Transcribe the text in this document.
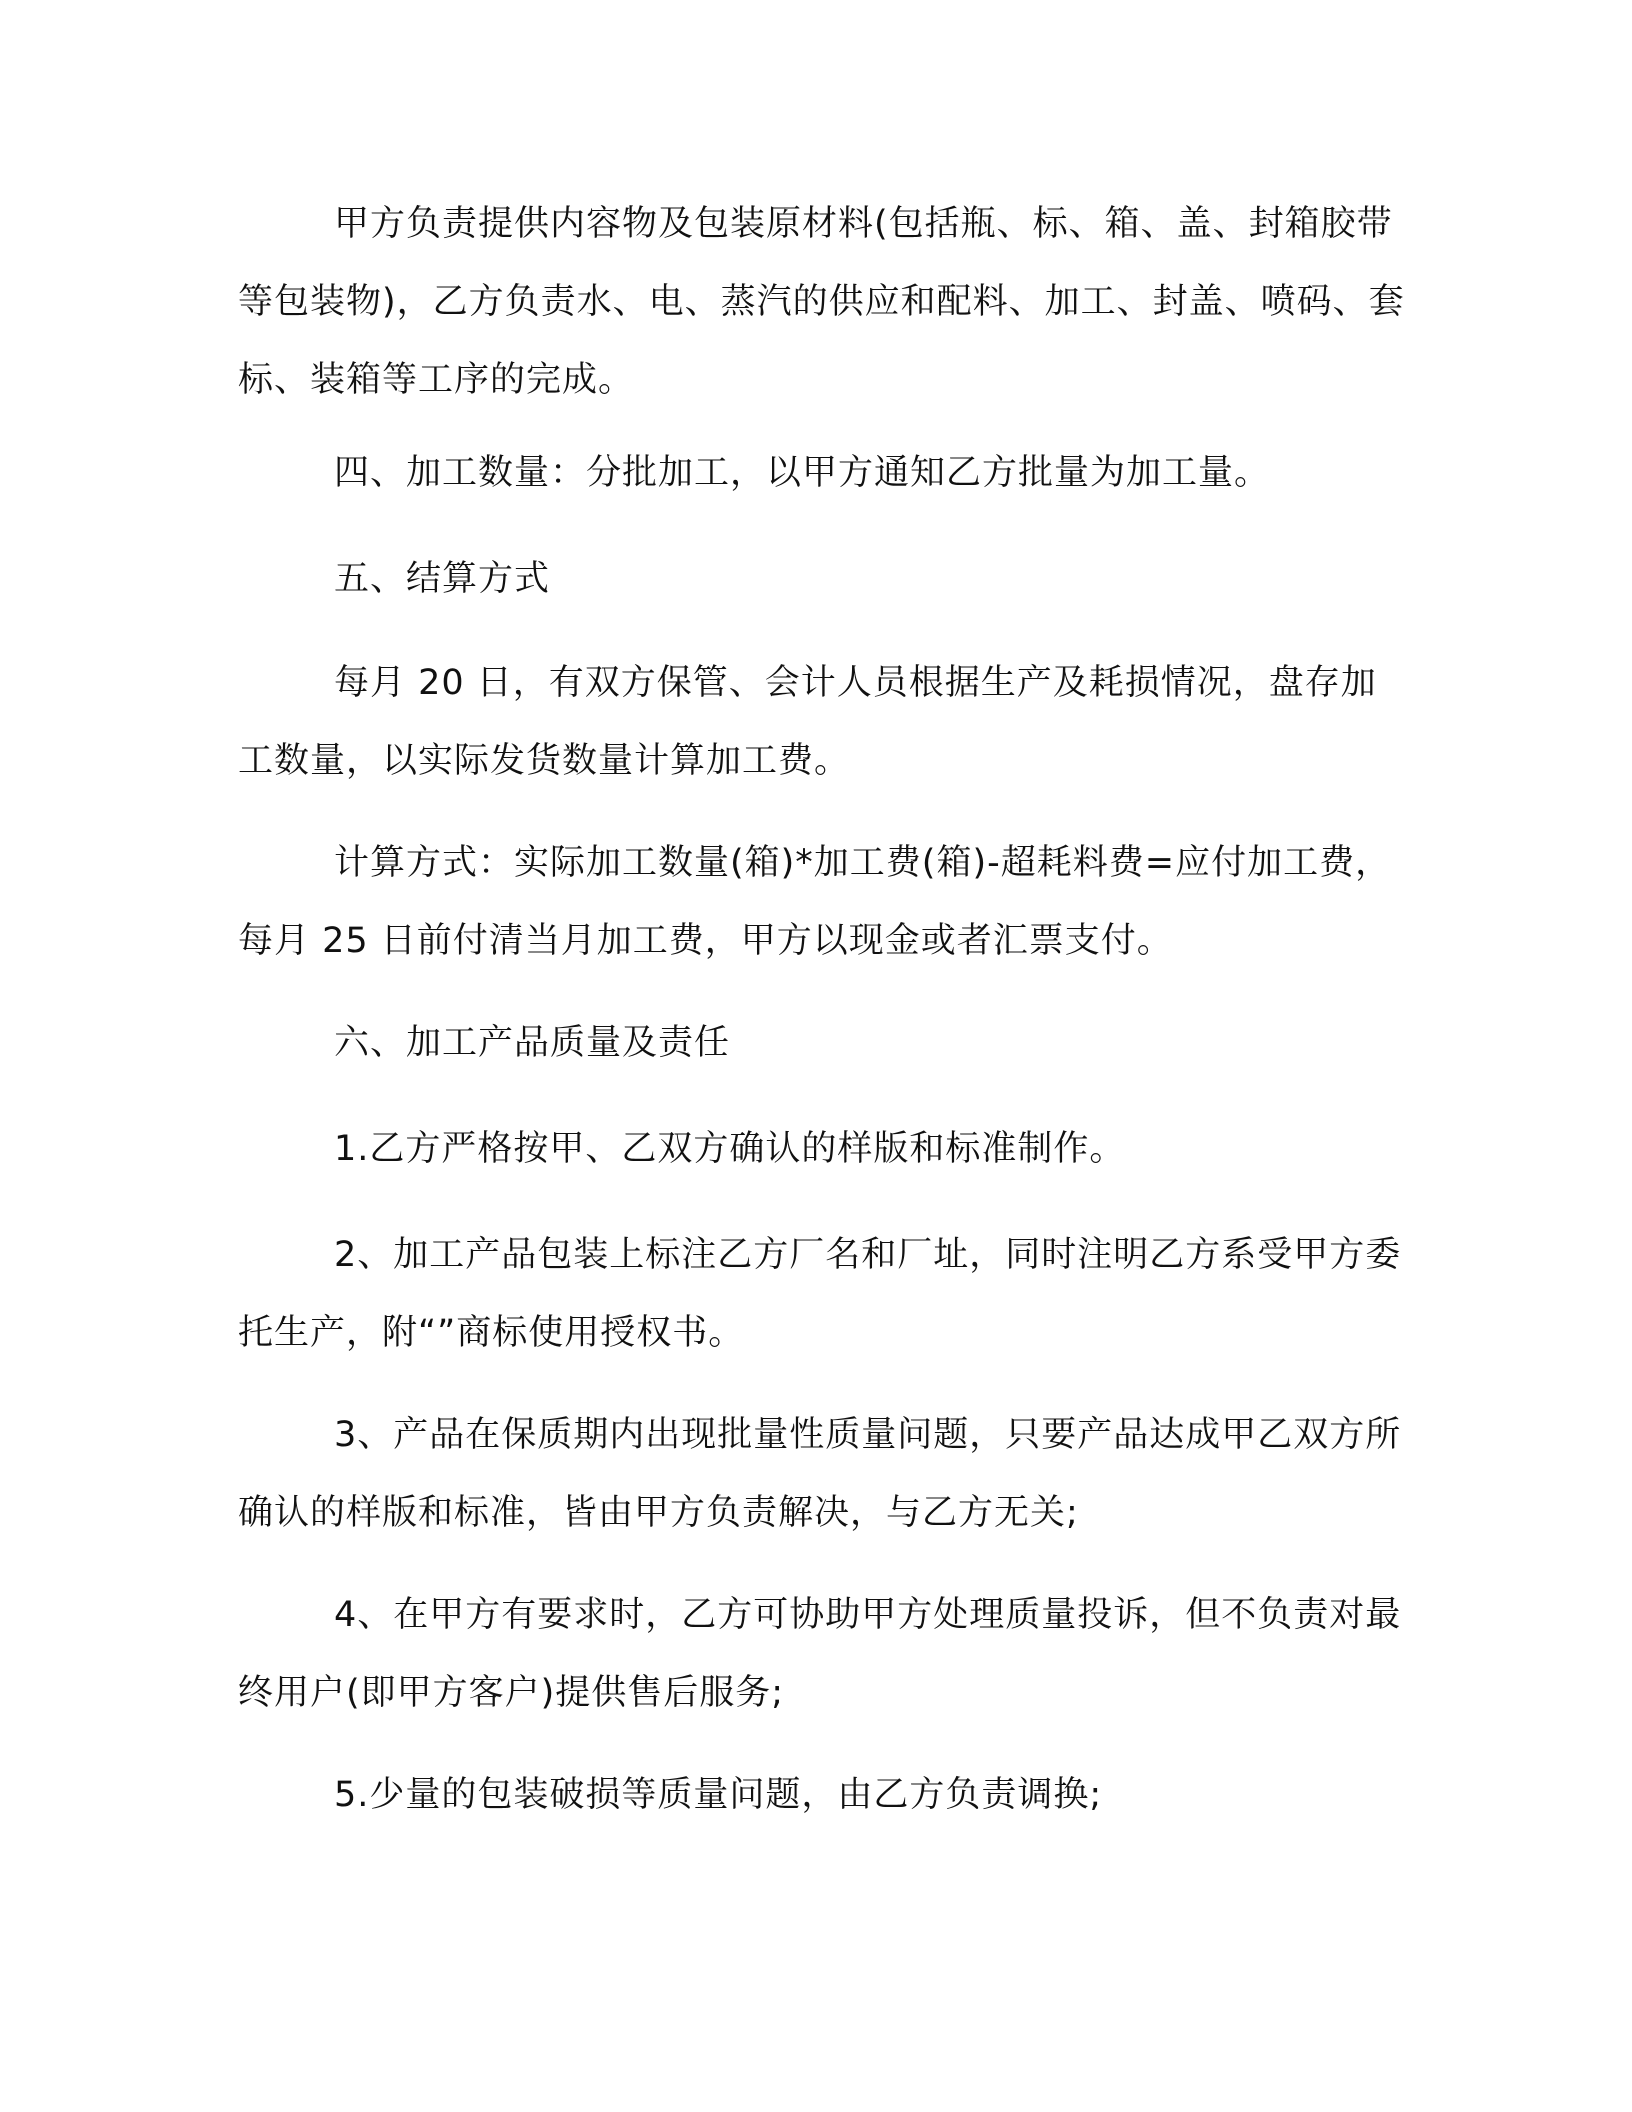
甲方负责提供内容物及包装原材料(包括瓶、标、箱、盖、封箱胶带等包装物)，乙方负责水、电、蒸汽的供应和配料、加工、封盖、喷码、套标、装箱等工序的完成。

四、加工数量：分批加工，以甲方通知乙方批量为加工量。

五、结算方式

每月 20 日，有双方保管、会计人员根据生产及耗损情况，盘存加工数量，以实际发货数量计算加工费。

计算方式：实际加工数量(箱)*加工费(箱)-超耗料费=应付加工费，每月 25 日前付清当月加工费，甲方以现金或者汇票支付。

六、加工产品质量及责任

1.乙方严格按甲、乙双方确认的样版和标准制作。

2、加工产品包装上标注乙方厂名和厂址，同时注明乙方系受甲方委托生产，附“”商标使用授权书。

3、产品在保质期内出现批量性质量问题，只要产品达成甲乙双方所确认的样版和标准，皆由甲方负责解决，与乙方无关;

4、在甲方有要求时，乙方可协助甲方处理质量投诉，但不负责对最终用户(即甲方客户)提供售后服务;

5.少量的包装破损等质量问题，由乙方负责调换;
